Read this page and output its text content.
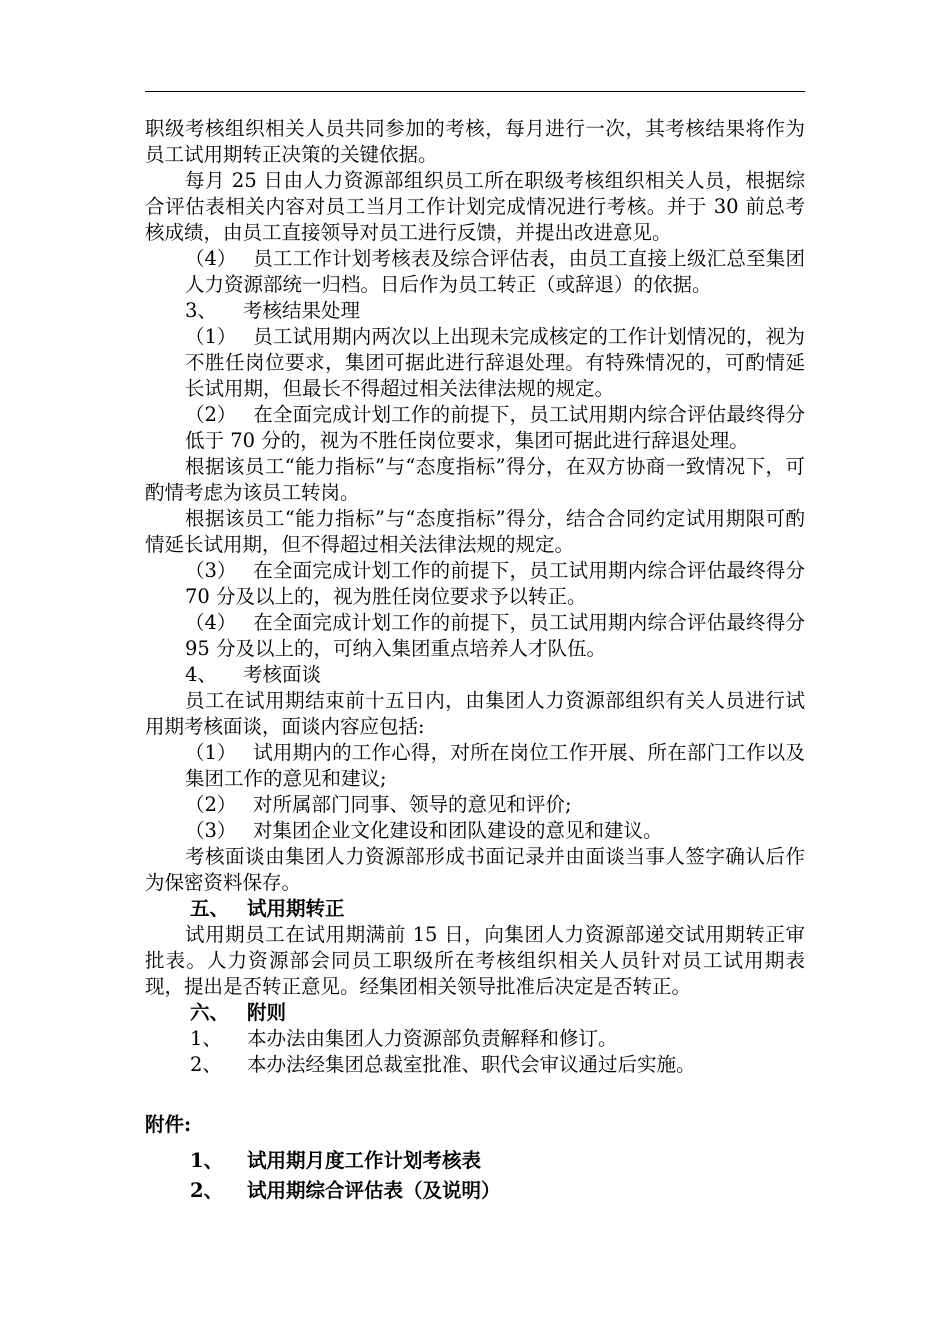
职级考核组织相关人员共同参加的考核，每月进行一次，其考核结果将作为员工试用期转正决策的关键依据。
每月 25 日由人力资源部组织员工所在职级考核组织相关人员，根据综合评估表相关内容对员工当月工作计划完成情况进行考核。并于 30 前总考核成绩，由员工直接领导对员工进行反馈，并提出改进意见。
（4） 员工工作计划考核表及综合评估表，由员工直接上级汇总至集团人力资源部统一归档。日后作为员工转正（或辞退）的依据。
3、 考核结果处理
（1） 员工试用期内两次以上出现未完成核定的工作计划情况的，视为不胜任岗位要求，集团可据此进行辞退处理。有特殊情况的，可酌情延长试用期，但最长不得超过相关法律法规的规定。
（2） 在全面完成计划工作的前提下，员工试用期内综合评估最终得分低于 70 分的，视为不胜任岗位要求，集团可据此进行辞退处理。
根据该员工“能力指标”与“态度指标”得分，在双方协商一致情况下，可酌情考虑为该员工转岗。
根据该员工“能力指标”与“态度指标”得分，结合合同约定试用期限可酌情延长试用期，但不得超过相关法律法规的规定。
（3） 在全面完成计划工作的前提下，员工试用期内综合评估最终得分 70 分及以上的，视为胜任岗位要求予以转正。
（4） 在全面完成计划工作的前提下，员工试用期内综合评估最终得分 95 分及以上的，可纳入集团重点培养人才队伍。
4、 考核面谈
员工在试用期结束前十五日内，由集团人力资源部组织有关人员进行试用期考核面谈，面谈内容应包括:
（1） 试用期内的工作心得，对所在岗位工作开展、所在部门工作以及集团工作的意见和建议;
（2） 对所属部门同事、领导的意见和评价;
（3） 对集团企业文化建设和团队建设的意见和建议。
考核面谈由集团人力资源部形成书面记录并由面谈当事人签字确认后作为保密资料保存。
五、 试用期转正
试用期员工在试用期满前 15 日，向集团人力资源部递交试用期转正审批表。人力资源部会同员工职级所在考核组织相关人员针对员工试用期表现，提出是否转正意见。经集团相关领导批准后决定是否转正。
六、 附则
1、 本办法由集团人力资源部负责解释和修订。
2、 本办法经集团总裁室批准、职代会审议通过后实施。
附件:
1、 试用期月度工作计划考核表
2、 试用期综合评估表（及说明）
